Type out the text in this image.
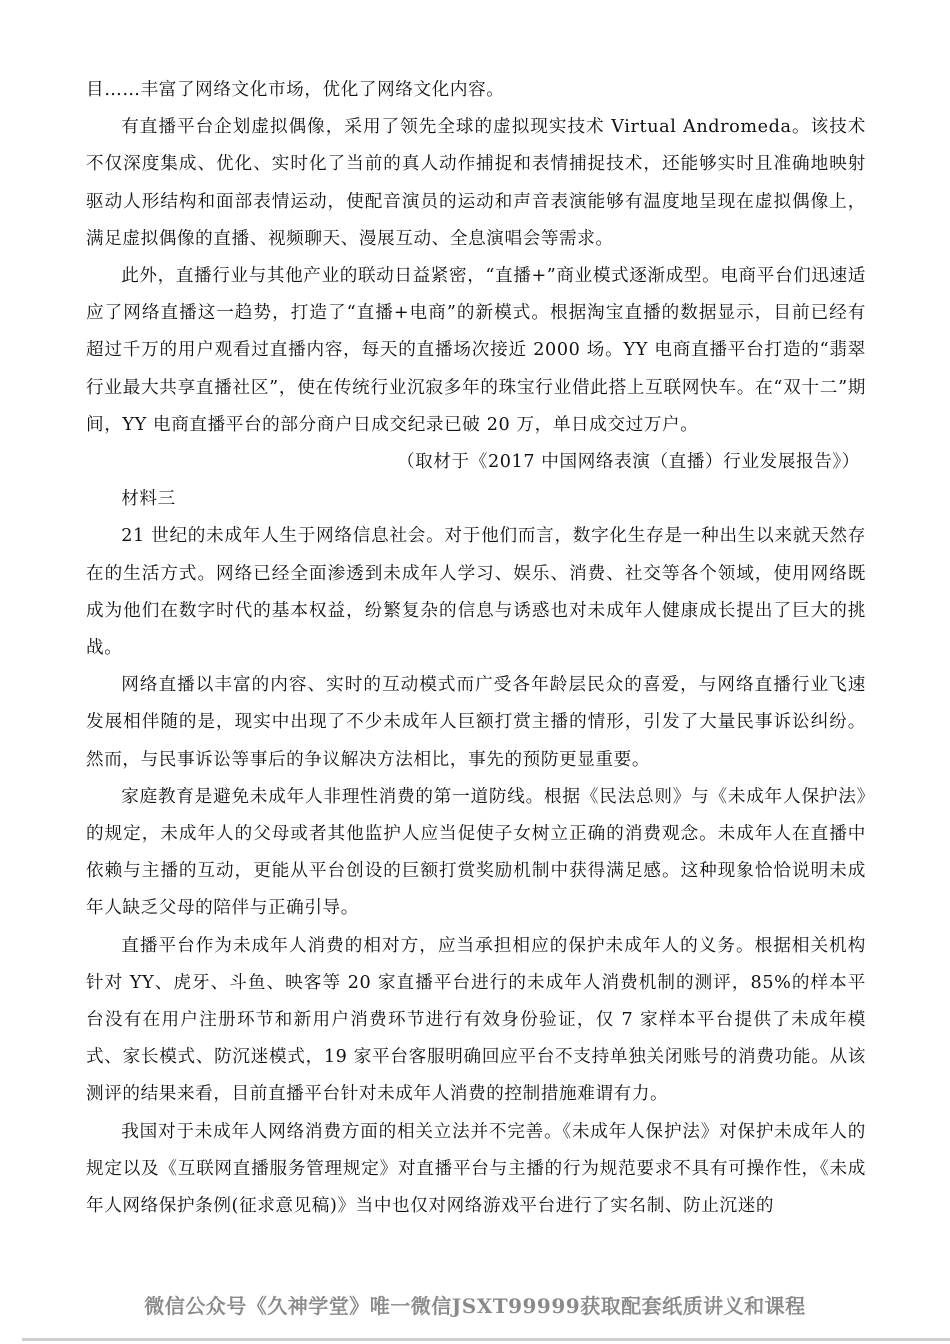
目……丰富了网络文化市场，优化了网络文化内容。

有直播平台企划虚拟偶像，采用了领先全球的虚拟现实技术 Virtual Andromeda。该技术不仅深度集成、优化、实时化了当前的真人动作捕捉和表情捕捉技术，还能够实时且准确地映射驱动人形结构和面部表情运动，使配音演员的运动和声音表演能够有温度地呈现在虚拟偶像上，满足虚拟偶像的直播、视频聊天、漫展互动、全息演唱会等需求。

此外，直播行业与其他产业的联动日益紧密，“直播+”商业模式逐渐成型。电商平台们迅速适应了网络直播这一趋势，打造了“直播+电商”的新模式。根据淘宝直播的数据显示，目前已经有超过千万的用户观看过直播内容，每天的直播场次接近 2000 场。YY 电商直播平台打造的“翡翠行业最大共享直播社区”，使在传统行业沉寂多年的珠宝行业借此搭上互联网快车。在“双十二”期间，YY 电商直播平台的部分商户日成交纪录已破 20 万，单日成交过万户。

（取材于《2017 中国网络表演（直播）行业发展报告》）

材料三

21 世纪的未成年人生于网络信息社会。对于他们而言，数字化生存是一种出生以来就天然存在的生活方式。网络已经全面渗透到未成年人学习、娱乐、消费、社交等各个领域，使用网络既成为他们在数字时代的基本权益，纷繁复杂的信息与诱惑也对未成年人健康成长提出了巨大的挑战。

网络直播以丰富的内容、实时的互动模式而广受各年龄层民众的喜爱，与网络直播行业飞速发展相伴随的是，现实中出现了不少未成年人巨额打赏主播的情形，引发了大量民事诉讼纠纷。然而，与民事诉讼等事后的争议解决方法相比，事先的预防更显重要。

家庭教育是避免未成年人非理性消费的第一道防线。根据《民法总则》与《未成年人保护法》的规定，未成年人的父母或者其他监护人应当促使子女树立正确的消费观念。未成年人在直播中依赖与主播的互动，更能从平台创设的巨额打赏奖励机制中获得满足感。这种现象恰恰说明未成年人缺乏父母的陪伴与正确引导。

直播平台作为未成年人消费的相对方，应当承担相应的保护未成年人的义务。根据相关机构针对 YY、虎牙、斗鱼、映客等 20 家直播平台进行的未成年人消费机制的测评，85%的样本平台没有在用户注册环节和新用户消费环节进行有效身份验证，仅 7 家样本平台提供了未成年模式、家长模式、防沉迷模式，19 家平台客服明确回应平台不支持单独关闭账号的消费功能。从该测评的结果来看，目前直播平台针对未成年人消费的控制措施难谓有力。

我国对于未成年人网络消费方面的相关立法并不完善。《未成年人保护法》对保护未成年人的规定以及《互联网直播服务管理规定》对直播平台与主播的行为规范要求不具有可操作性，《未成年人网络保护条例(征求意见稿)》当中也仅对网络游戏平台进行了实名制、防止沉迷的

微信公众号《久神学堂》唯一微信JSXT99999获取配套纸质讲义和课程
